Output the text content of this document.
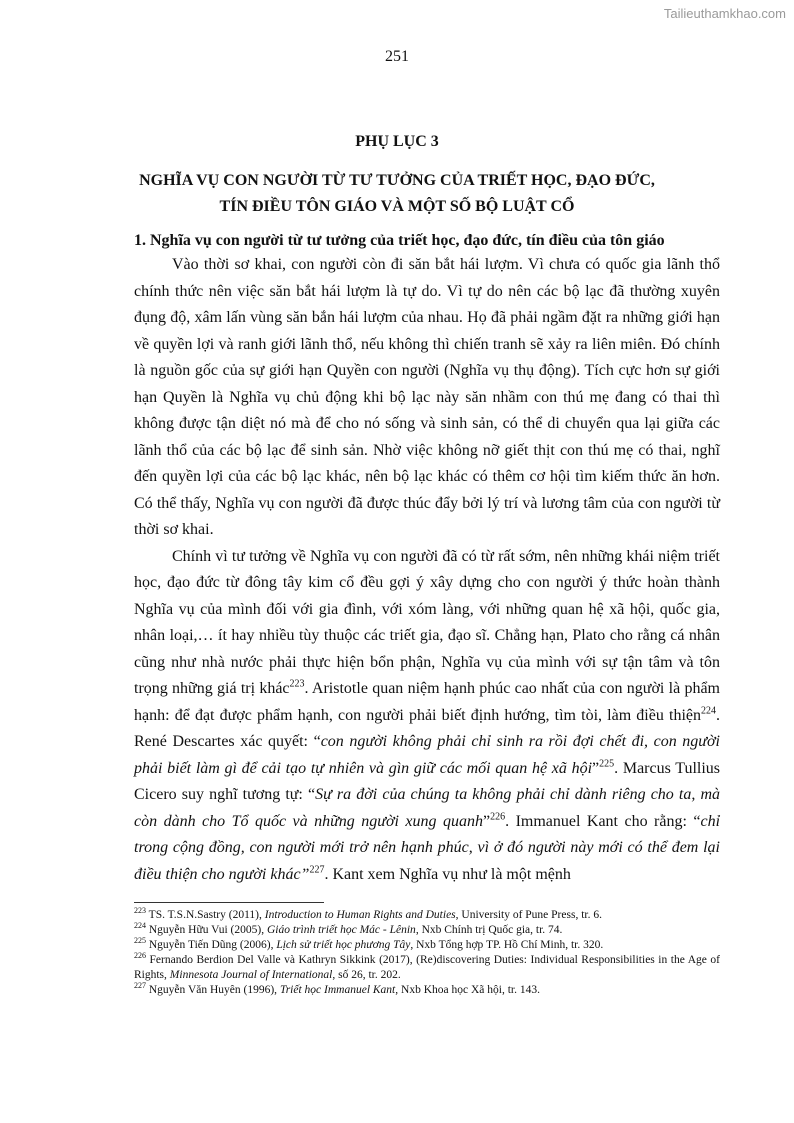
Tailieuthamkhao.com
251
PHỤ LỤC 3
NGHĨA VỤ CON NGƯỜI TỪ TƯ TƯỞNG CỦA TRIẾT HỌC, ĐẠO ĐỨC,
TÍN ĐIỀU TÔN GIÁO VÀ MỘT SỐ BỘ LUẬT CỔ
1. Nghĩa vụ con người từ tư tưởng của triết học, đạo đức, tín điều của tôn giáo

Vào thời sơ khai, con người còn đi săn bắt hái lượm. Vì chưa có quốc gia lãnh thổ chính thức nên việc săn bắt hái lượm là tự do. Vì tự do nên các bộ lạc đã thường xuyên đụng độ, xâm lấn vùng săn bắn hái lượm của nhau. Họ đã phải ngầm đặt ra những giới hạn về quyền lợi và ranh giới lãnh thổ, nếu không thì chiến tranh sẽ xảy ra liên miên. Đó chính là nguồn gốc của sự giới hạn Quyền con người (Nghĩa vụ thụ động). Tích cực hơn sự giới hạn Quyền là Nghĩa vụ chủ động khi bộ lạc này săn nhầm con thú mẹ đang có thai thì không được tận diệt nó mà để cho nó sống và sinh sản, có thể di chuyển qua lại giữa các lãnh thổ của các bộ lạc để sinh sản. Nhờ việc không nỡ giết thịt con thú mẹ có thai, nghĩ đến quyền lợi của các bộ lạc khác, nên bộ lạc khác có thêm cơ hội tìm kiếm thức ăn hơn. Có thể thấy, Nghĩa vụ con người đã được thúc đẩy bởi lý trí và lương tâm của con người từ thời sơ khai.

Chính vì tư tưởng về Nghĩa vụ con người đã có từ rất sớm, nên những khái niệm triết học, đạo đức từ đông tây kim cổ đều gợi ý xây dựng cho con người ý thức hoàn thành Nghĩa vụ của mình đối với gia đình, với xóm làng, với những quan hệ xã hội, quốc gia, nhân loại,… ít hay nhiều tùy thuộc các triết gia, đạo sĩ. Chẳng hạn, Plato cho rằng cá nhân cũng như nhà nước phải thực hiện bổn phận, Nghĩa vụ của mình với sự tận tâm và tôn trọng những giá trị khác$^{223}$. Aristotle quan niệm hạnh phúc cao nhất của con người là phẩm hạnh: để đạt được phẩm hạnh, con người phải biết định hướng, tìm tòi, làm điều thiện$^{224}$. René Descartes xác quyết: “con người không phải chỉ sinh ra rồi đợi chết đi, con người phải biết làm gì để cải tạo tự nhiên và gìn giữ các mối quan hệ xã hội”$^{225}$. Marcus Tullius Cicero suy nghĩ tương tự: “Sự ra đời của chúng ta không phải chỉ dành riêng cho ta, mà còn dành cho Tổ quốc và những người xung quanh”$^{226}$. Immanuel Kant cho rằng: “chỉ trong cộng đồng, con người mới trở nên hạnh phúc, vì ở đó người này mới có thể đem lại điều thiện cho người khác”$^{227}$. Kant xem Nghĩa vụ như là một mệnh

$^{223}$ TS. T.S.N.Sastry (2011), Introduction to Human Rights and Duties, University of Pune Press, tr. 6.

$^{224}$ Nguyễn Hữu Vui (2005), Giáo trình triết học Mác - Lênin, Nxb Chính trị Quốc gia, tr. 74.

$^{225}$ Nguyễn Tiến Dũng (2006), Lịch sử triết học phương Tây, Nxb Tổng hợp TP. Hồ Chí Minh, tr. 320.

$^{226}$ Fernando Berdion Del Valle và Kathryn Sikkink (2017), (Re)discovering Duties: Individual Responsibilities in the Age of Rights, Minnesota Journal of International, số 26, tr. 202.

$^{227}$ Nguyễn Văn Huyên (1996), Triết học Immanuel Kant, Nxb Khoa học Xã hội, tr. 143.
